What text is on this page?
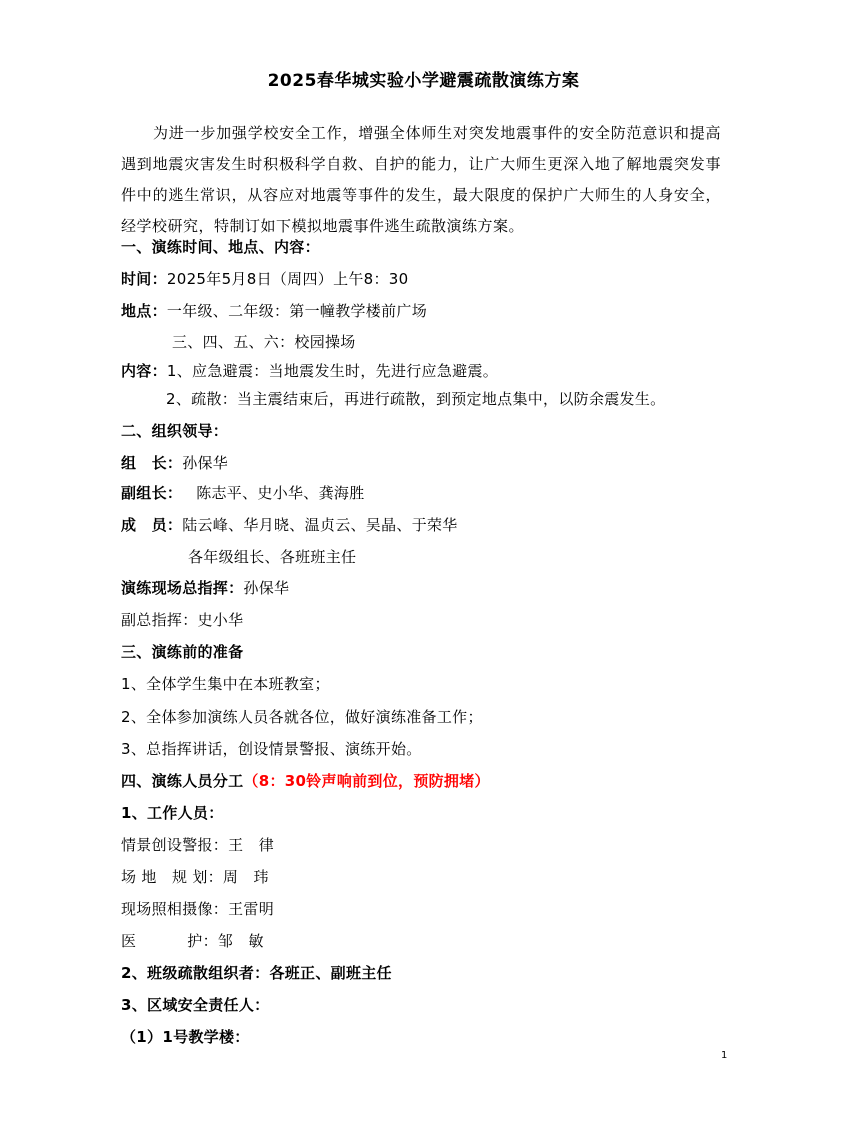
2025春华城实验小学避震疏散演练方案
为进一步加强学校安全工作，增强全体师生对突发地震事件的安全防范意识和提高遇到地震灾害发生时积极科学自救、自护的能力，让广大师生更深入地了解地震突发事件中的逃生常识，从容应对地震等事件的发生，最大限度的保护广大师生的人身安全，经学校研究，特制订如下模拟地震事件逃生疏散演练方案。
一、演练时间、地点、内容：
时间：2025年5月8日（周四）上午8：30
地点：一年级、二年级：第一幢教学楼前广场
三、四、五、六：校园操场
内容：1、应急避震：当地震发生时，先进行应急避震。
2、疏散：当主震结束后，再进行疏散，到预定地点集中，以防余震发生。
二、组织领导：
组　长：孙保华
副组长： 陈志平、史小华、龚海胜
成　员：陆云峰、华月晓、温贞云、吴晶、于荣华
各年级组长、各班班主任
演练现场总指挥：孙保华
副总指挥：史小华
三、演练前的准备
1、全体学生集中在本班教室；
2、全体参加演练人员各就各位，做好演练准备工作；
3、总指挥讲话，创设情景警报、演练开始。
四、演练人员分工（8：30铃声响前到位，预防拥堵）
1、工作人员：
情景创设警报：王　律
场 地　规 划：周　玮
现场照相摄像：王雷明
医　　　 护：邹　敏
2、班级疏散组织者：各班正、副班主任
3、区域安全责任人：
（1）1号教学楼：
1
